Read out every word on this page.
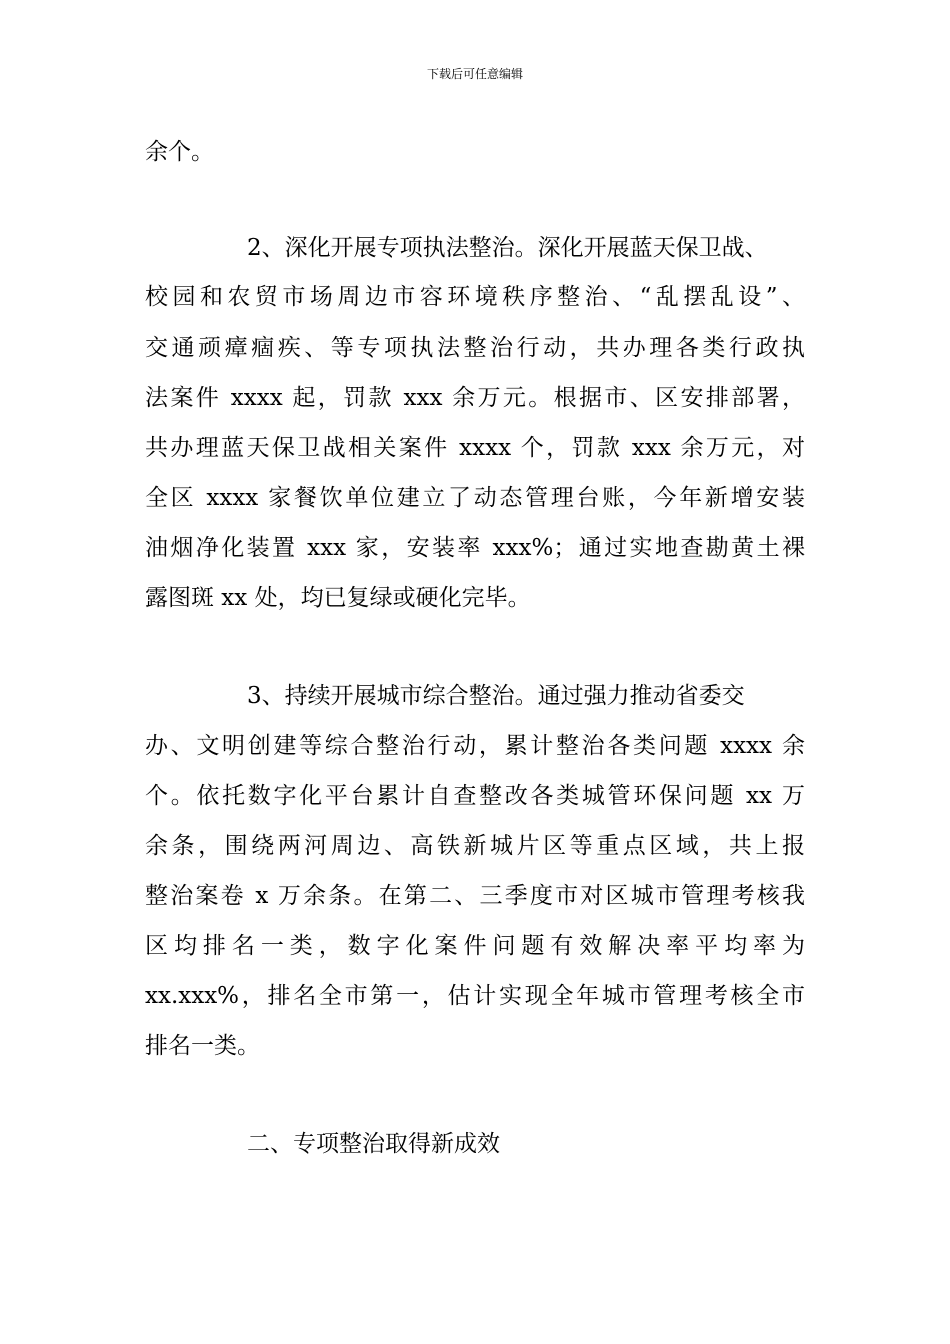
下载后可任意编辑
余个。
2、深化开展专项执法整治。深化开展蓝天保卫战、
校园和农贸市场周边市容环境秩序整治、“乱摆乱设”、
交通顽瘴痼疾、等专项执法整治行动，共办理各类行政执
法案件 xxxx 起，罚款 xxx 余万元。根据市、区安排部署，
共办理蓝天保卫战相关案件 xxxx 个，罚款 xxx 余万元，对
全区 xxxx 家餐饮单位建立了动态管理台账，今年新增安装
油烟净化装置 xxx 家，安装率 xxx%；通过实地查勘黄土裸
露图斑 xx 处，均已复绿或硬化完毕。
3、持续开展城市综合整治。通过强力推动省委交
办、文明创建等综合整治行动，累计整治各类问题 xxxx 余
个。依托数字化平台累计自查整改各类城管环保问题 xx 万
余条，围绕两河周边、高铁新城片区等重点区域，共上报
整治案卷 x 万余条。在第二、三季度市对区城市管理考核我
区均排名一类，数字化案件问题有效解决率平均率为
xx.xxx%，排名全市第一，估计实现全年城市管理考核全市
排名一类。
二、专项整治取得新成效
